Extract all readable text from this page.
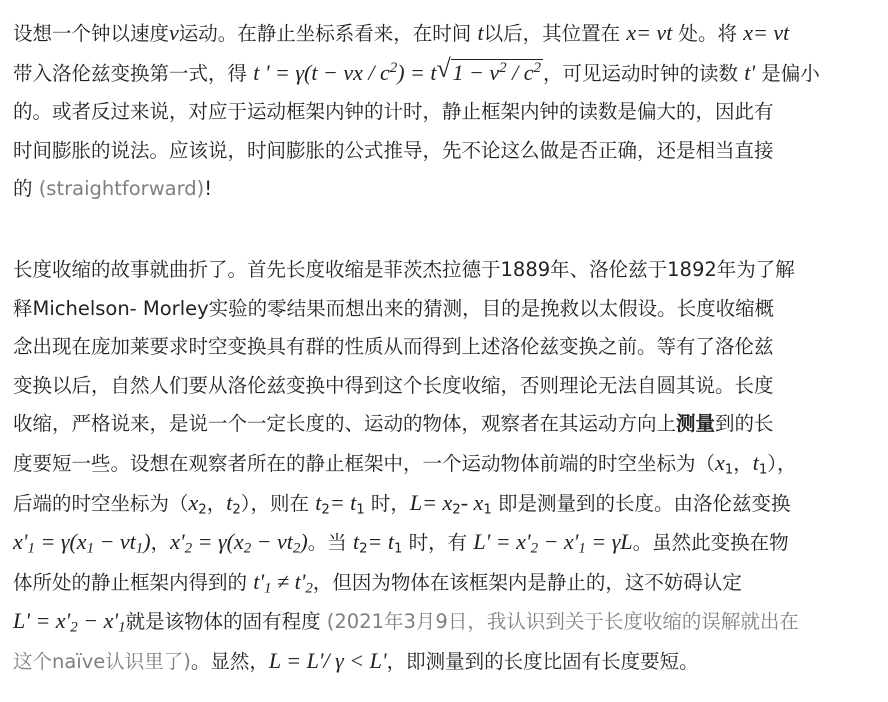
设想一个钟以速度v运动。在静止坐标系看来，在时间 t以后，其位置在 x= vt 处。将 x= vt
带入洛伦兹变换第一式，得 t ' = γ(t − vx / $c^2) = t$ √ $1 - v^2 / c^2$ ，可见运动时钟的读数 t' 是偏小
的。或者反过来说，对应于运动框架内钟的计时，静止框架内钟的读数是偏大的，因此有
时间膨胀的说法。应该说，时间膨胀的公式推导，先不论这么做是否正确，还是相当直接
的 (straightforward)!
长度收缩的故事就曲折了。首先长度收缩是菲茨杰拉德于1889年、洛伦兹于1892年为了解
释Michelson- Morley实验的零结果而想出来的猜测，目的是挽救以太假设。长度收缩概
念出现在庞加莱要求时空变换具有群的性质从而得到上述洛伦兹变换之前。等有了洛伦兹
变换以后，自然人们要从洛伦兹变换中得到这个长度收缩，否则理论无法自圆其说。长度
收缩，严格说来，是说一个一定长度的、运动的物体，观察者在其运动方向上测量到的长
度要短一些。设想在观察者所在的静止框架中，一个运动物体前端的时空坐标为（$x_1$，$t_1$），
后端的时空坐标为（$x_2$，$t_2$），则在 $t_2= t_1$ 时，$L= x_2-$ $x_1$ 即是测量到的长度。由洛伦兹变换
$x'_1 = \gamma(x_1 - vt_1)$，$x'_2 = \gamma(x_2 - vt_2)$。当 $t_2= t_1$ 时，有 $L' = x'_2 - x'_1 = \gamma L$。虽然此变换在物
体所处的静止框架内得到的 $t'_1 \ne t'_2$，但因为物体在该框架内是静止的，这不妨碍认定
$L' = x'_2 - x'_1$就是该物体的固有程度 (2021年3月9日，我认识到关于长度收缩的误解就出在
这个naïve认识里了)。显然，L = L'/ γ < L'，即测量到的长度比固有长度要短。
